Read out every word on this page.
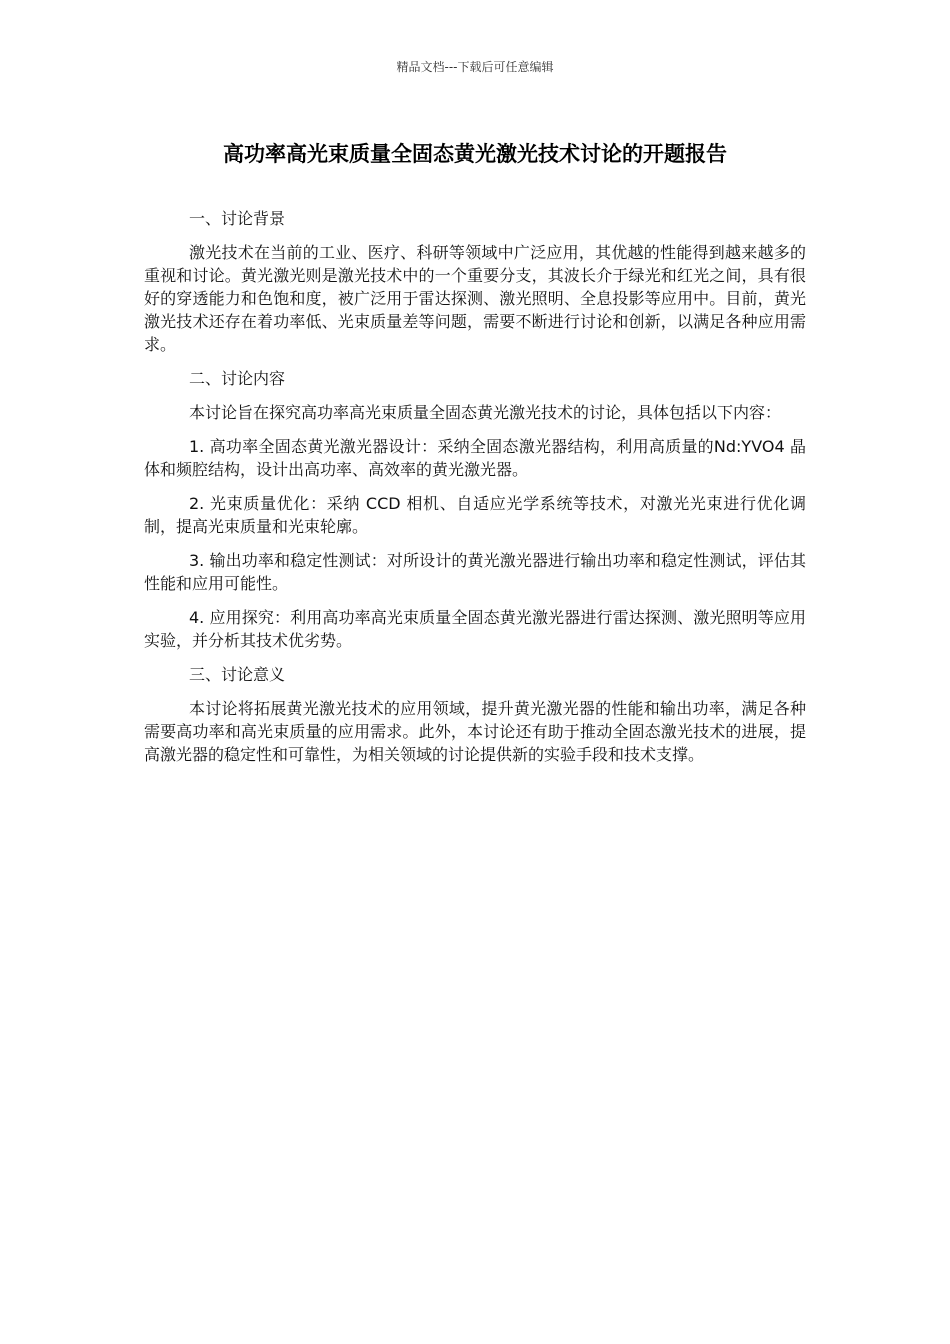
精品文档---下载后可任意编辑
高功率高光束质量全固态黄光激光技术讨论的开题报告

一、讨论背景

激光技术在当前的工业、医疗、科研等领域中广泛应用，其优越的性能得到越来越多的重视和讨论。黄光激光则是激光技术中的一个重要分支，其波长介于绿光和红光之间，具有很好的穿透能力和色饱和度，被广泛用于雷达探测、激光照明、全息投影等应用中。目前，黄光激光技术还存在着功率低、光束质量差等问题，需要不断进行讨论和创新，以满足各种应用需求。

二、讨论内容

本讨论旨在探究高功率高光束质量全固态黄光激光技术的讨论，具体包括以下内容：

1. 高功率全固态黄光激光器设计：采纳全固态激光器结构，利用高质量的Nd:YVO4 晶体和频腔结构，设计出高功率、高效率的黄光激光器。

2. 光束质量优化：采纳 CCD 相机、自适应光学系统等技术，对激光光束进行优化调制，提高光束质量和光束轮廓。

3. 输出功率和稳定性测试：对所设计的黄光激光器进行输出功率和稳定性测试，评估其性能和应用可能性。

4. 应用探究：利用高功率高光束质量全固态黄光激光器进行雷达探测、激光照明等应用实验，并分析其技术优劣势。

三、讨论意义

本讨论将拓展黄光激光技术的应用领域，提升黄光激光器的性能和输出功率，满足各种需要高功率和高光束质量的应用需求。此外，本讨论还有助于推动全固态激光技术的进展，提高激光器的稳定性和可靠性，为相关领域的讨论提供新的实验手段和技术支撑。
